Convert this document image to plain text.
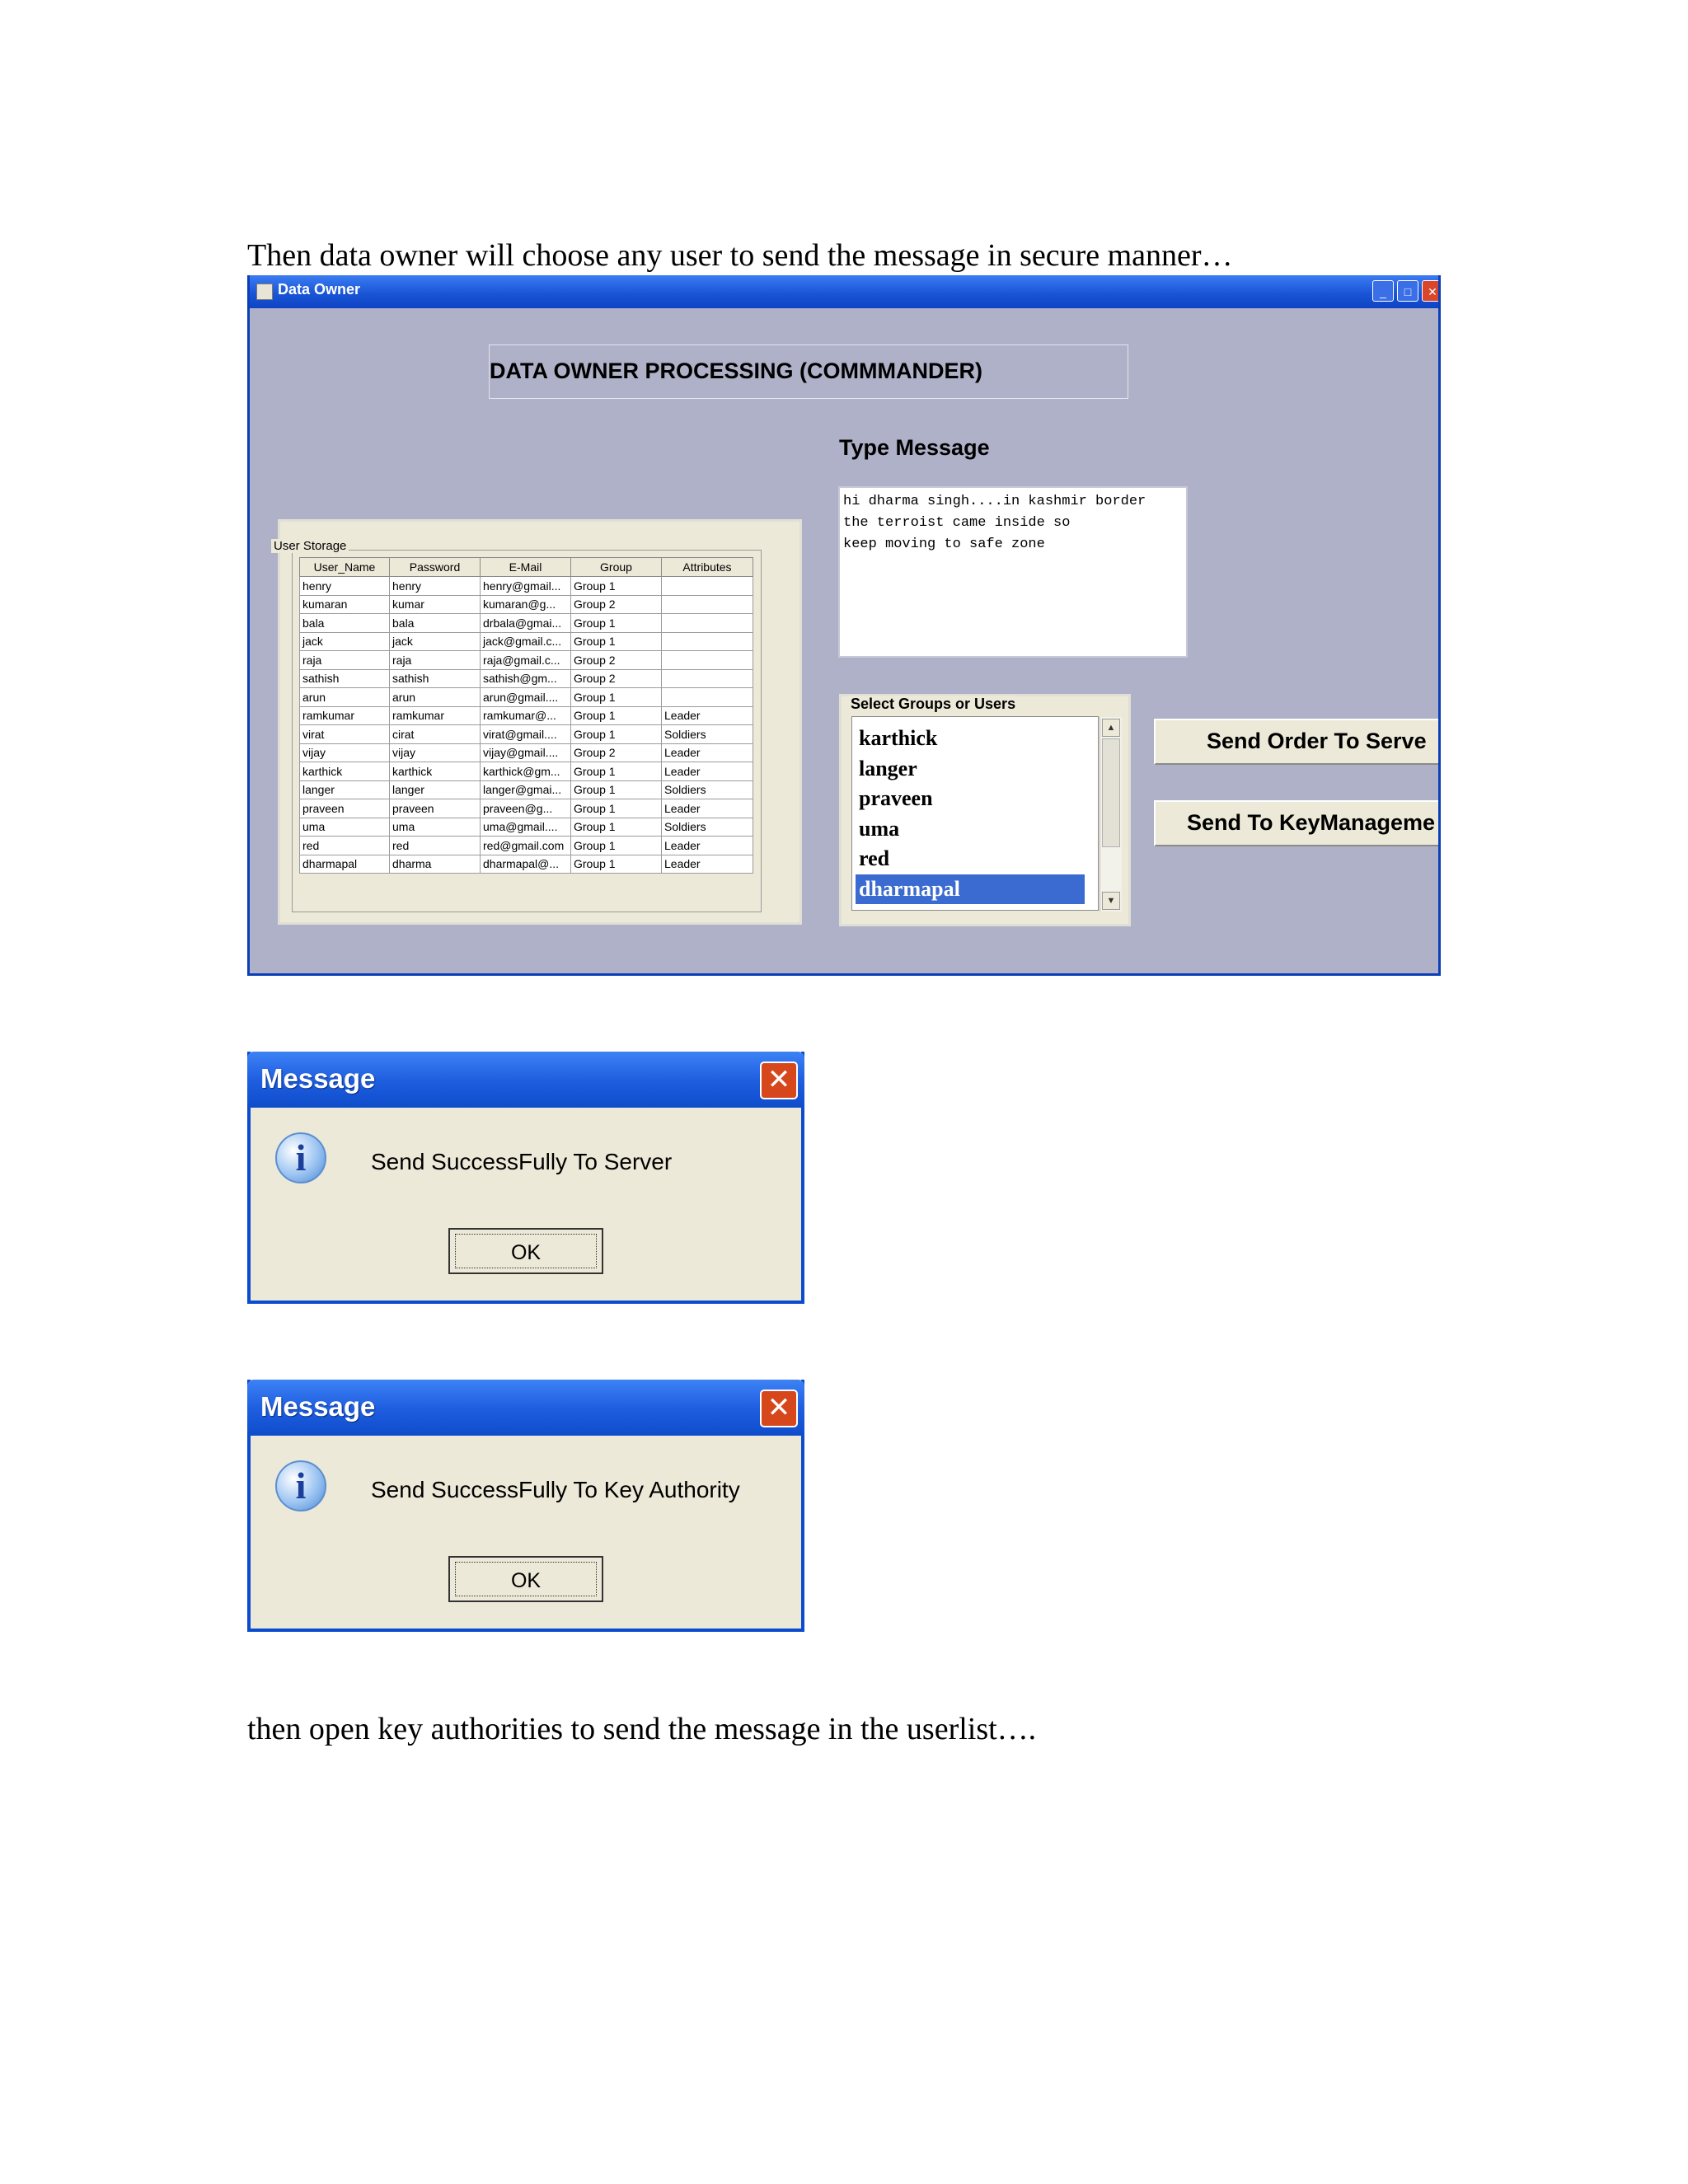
Then data owner will choose any user to send the message in secure manner…
Data Owner	_	□	✕
DATA OWNER PROCESSING (COMMMANDER)
Type Message
hi dharma singh....in kashmir border
the terroist came inside so
keep moving to safe zone
User_Name	Password	E-Mail	Group	Attributes
henry	henry	henry@gmail...	Group 1	
kumaran	kumar	kumaran@g...	Group 2	
bala	bala	drbala@gmai...	Group 1	
jack	jack	jack@gmail.c...	Group 1	
raja	raja	raja@gmail.c...	Group 2	
sathish	sathish	sathish@gm...	Group 2	
arun	arun	arun@gmail....	Group 1	
ramkumar	ramkumar	ramkumar@...	Group 1	Leader
virat	cirat	virat@gmail....	Group 1	Soldiers
vijay	vijay	vijay@gmail....	Group 2	Leader
karthick	karthick	karthick@gm...	Group 1	Leader
langer	langer	langer@gmai...	Group 1	Soldiers
praveen	praveen	praveen@g...	Group 1	Leader
uma	uma	uma@gmail....	Group 1	Soldiers
red	red	red@gmail.com	Group 1	Leader
dharmapal	dharma	dharmapal@...	Group 1	Leader
User Storage
karthick
langer
praveen
uma
red
dharmapal
▲
▼
Select Groups or Users
Send Order To Serve
Send To KeyManageme
Message	✕
i	Send SuccessFully To Server
OK
Message	✕
i	Send SuccessFully To Key Authority
OK
then open key authorities to send the message in the userlist….
